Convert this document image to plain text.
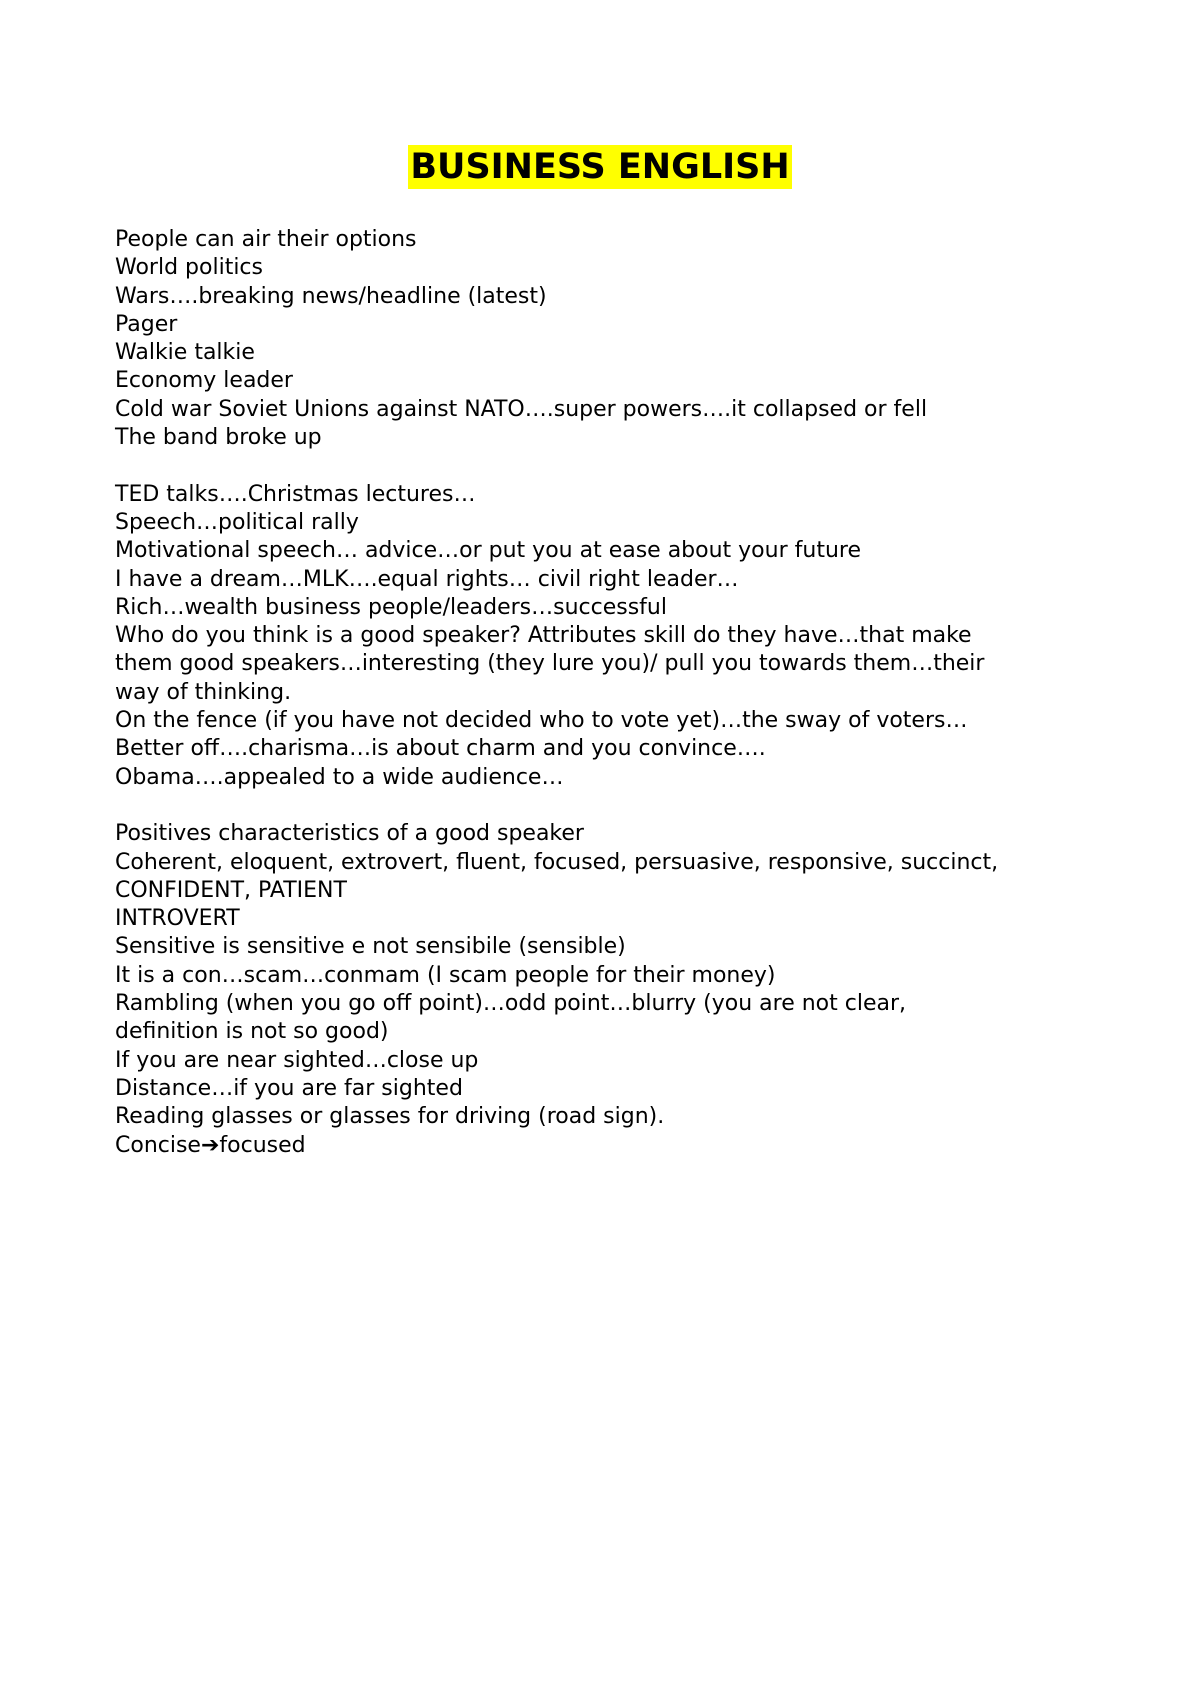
BUSINESS ENGLISH
People can air their options
World politics
Wars….breaking news/headline (latest)
Pager
Walkie talkie
Economy leader
Cold war Soviet Unions against NATO….super powers….it collapsed or fell
The band broke up
TED talks….Christmas lectures…
Speech…political rally
Motivational speech… advice…or put you at ease about your future
I have a dream…MLK….equal rights… civil right leader…
Rich…wealth business people/leaders…successful
Who do you think is a good speaker? Attributes skill do they have…that make
them good speakers…interesting (they lure you)/ pull you towards them…their
way of thinking.
On the fence (if you have not decided who to vote yet)…the sway of voters…
Better off….charisma…is about charm and you convince….
Obama….appealed to a wide audience…
Positives characteristics of a good speaker
Coherent, eloquent, extrovert, fluent, focused, persuasive, responsive, succinct,
CONFIDENT, PATIENT
INTROVERT
Sensitive is sensitive e not sensibile (sensible)
It is a con…scam…conmam (I scam people for their money)
Rambling (when you go off point)…odd point…blurry (you are not clear,
definition is not so good)
If you are near sighted…close up
Distance…if you are far sighted
Reading glasses or glasses for driving (road sign).
Concise➔focused
